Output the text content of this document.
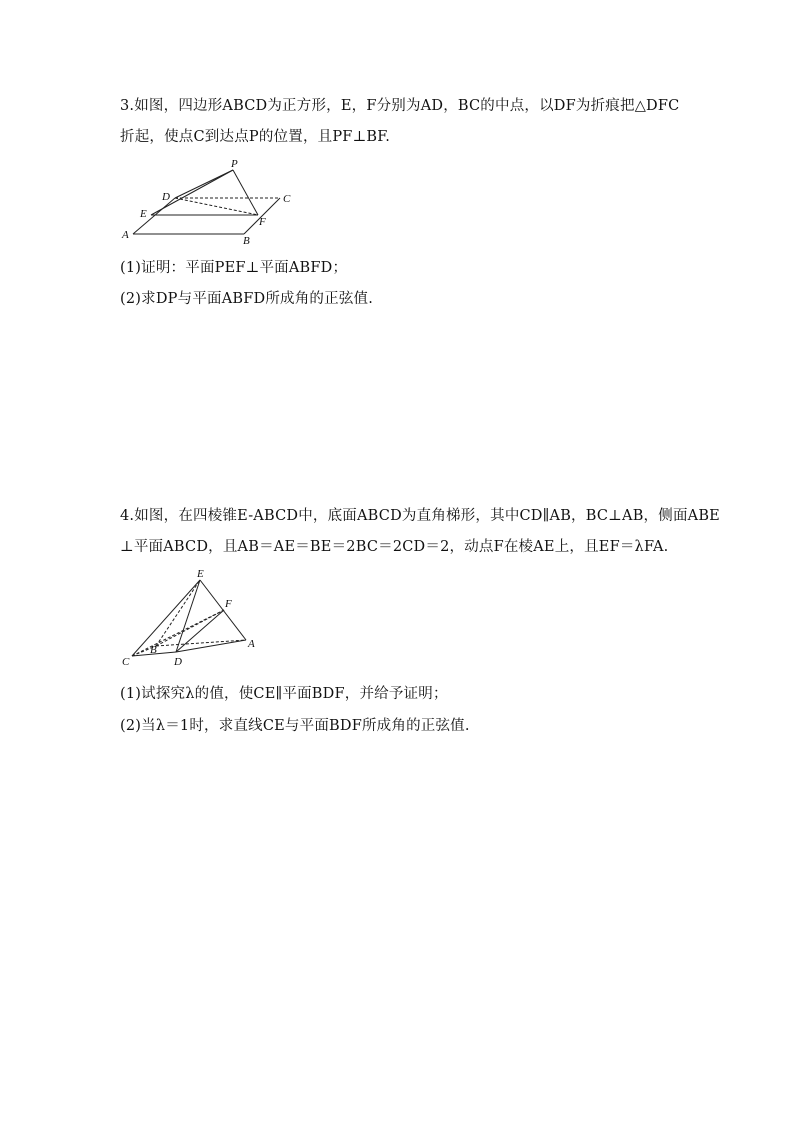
3.如图，四边形ABCD为正方形，E，F分别为AD，BC的中点，以DF为折痕把△DFC
折起，使点C到达点P的位置，且PF⊥BF.
P
D	C
E
F
A	B
(1)证明：平面PEF⊥平面ABFD；
(2)求DP与平面ABFD所成角的正弦值.
4.如图，在四棱锥E-ABCD中，底面ABCD为直角梯形，其中CD∥AB，BC⊥AB，侧面ABE
⊥平面ABCD，且AB＝AE＝BE＝2BC＝2CD＝2，动点F在棱AE上，且EF＝λFA.
E
F
A
B
C	D
(1)试探究λ的值，使CE∥平面BDF，并给予证明；
(2)当λ＝1时，求直线CE与平面BDF所成角的正弦值.
